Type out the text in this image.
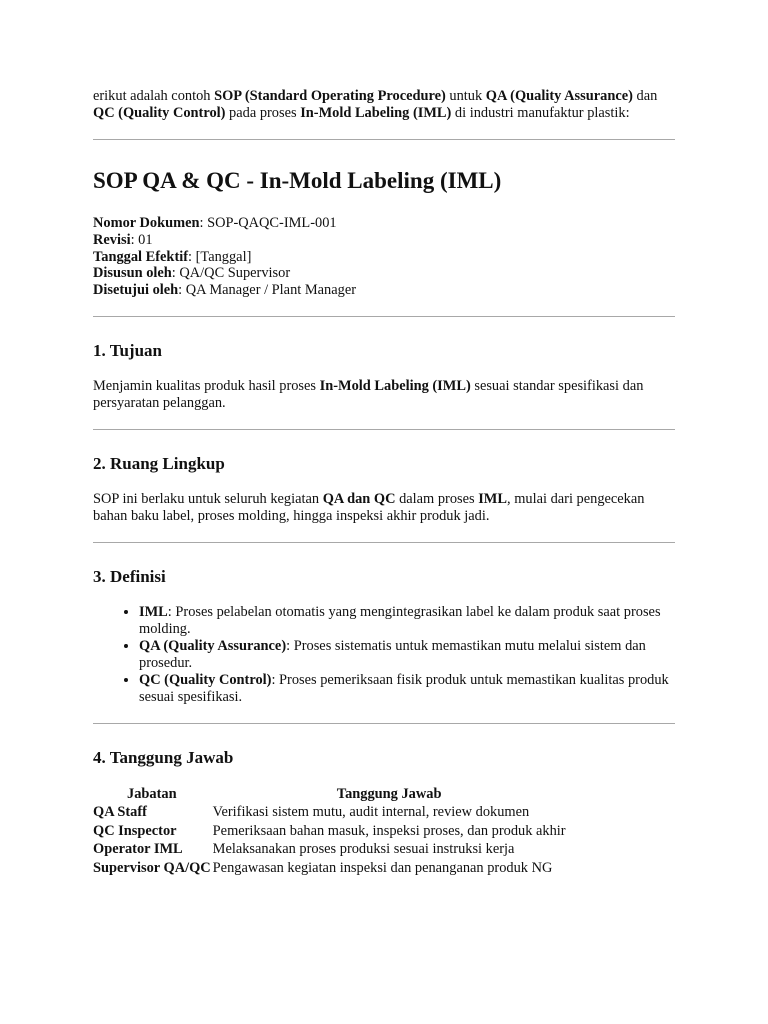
erikut adalah contoh SOP (Standard Operating Procedure) untuk QA (Quality Assurance) dan QC (Quality Control) pada proses In-Mold Labeling (IML) di industri manufaktur plastik:

SOP QA & QC - In-Mold Labeling (IML)

Nomor Dokumen: SOP-QAQC-IML-001

Revisi: 01

Tanggal Efektif: [Tanggal]

Disusun oleh: QA/QC Supervisor

Disetujui oleh: QA Manager / Plant Manager

1. Tujuan

Menjamin kualitas produk hasil proses In-Mold Labeling (IML) sesuai standar spesifikasi dan persyaratan pelanggan.

2. Ruang Lingkup

SOP ini berlaku untuk seluruh kegiatan QA dan QC dalam proses IML, mulai dari pengecekan bahan baku label, proses molding, hingga inspeksi akhir produk jadi.

3. Definisi
• IML: Proses pelabelan otomatis yang mengintegrasikan label ke dalam produk saat proses molding.
• QA (Quality Assurance): Proses sistematis untuk memastikan mutu melalui sistem dan prosedur.
• QC (Quality Control): Proses pemeriksaan fisik produk untuk memastikan kualitas produk sesuai spesifikasi.
4. Tanggung Jawab
Jabatan	Tanggung Jawab
QA Staff	Verifikasi sistem mutu, audit internal, review dokumen
QC Inspector	Pemeriksaan bahan masuk, inspeksi proses, dan produk akhir
Operator IML	Melaksanakan proses produksi sesuai instruksi kerja
Supervisor QA/QC	Pengawasan kegiatan inspeksi dan penanganan produk NG
